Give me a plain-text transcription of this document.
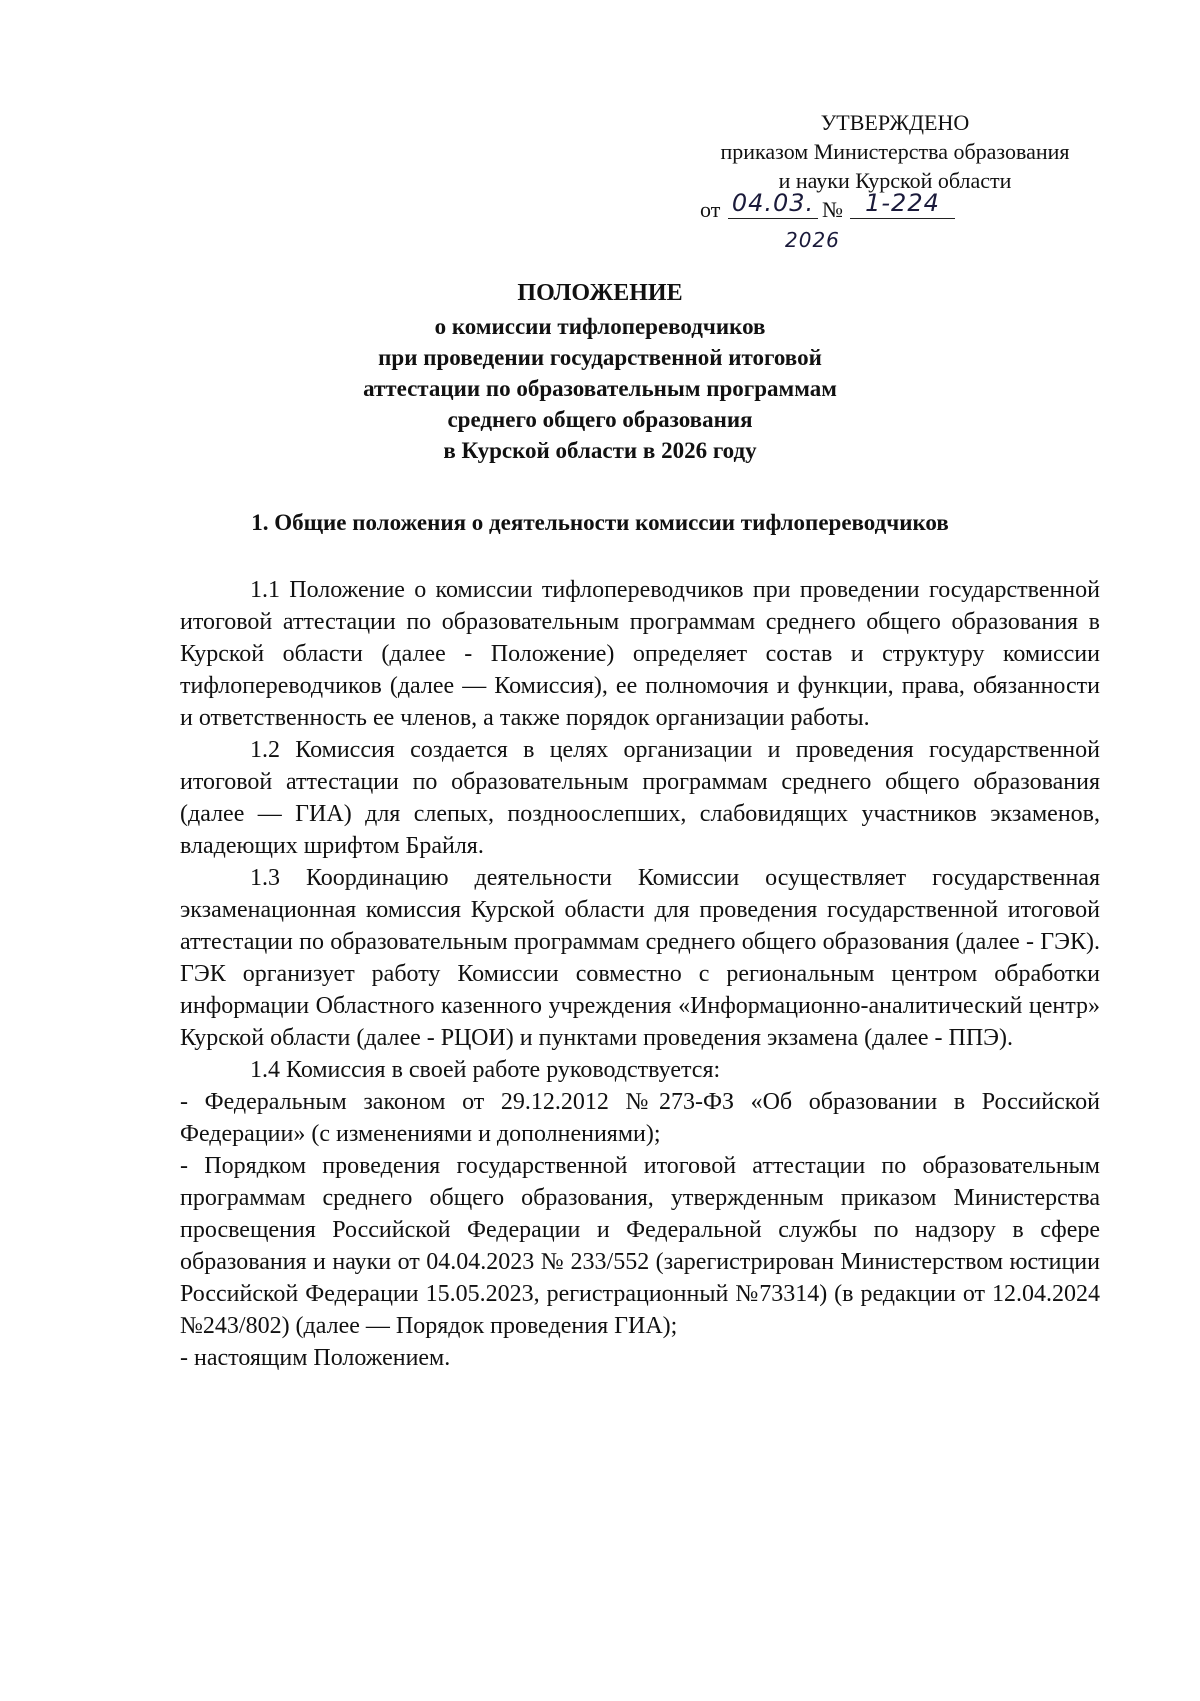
УТВЕРЖДЕНО
приказом Министерства образования
и науки Курской области
от 04.03. № 1-224
2026
ПОЛОЖЕНИЕ
о комиссии тифлопереводчиков
при проведении государственной итоговой
аттестации по образовательным программам
среднего общего образования
в Курской области в 2026 году
1. Общие положения о деятельности комиссии тифлопереводчиков

1.1 Положение о комиссии тифлопереводчиков при проведении государственной итоговой аттестации по образовательным программам среднего общего образования в Курской области (далее - Положение) определяет состав и структуру комиссии тифлопереводчиков (далее — Комиссия), ее полномочия и функции, права, обязанности и ответственность ее членов, а также порядок организации работы.

1.2 Комиссия создается в целях организации и проведения государственной итоговой аттестации по образовательным программам среднего общего образования (далее — ГИА) для слепых, поздноослепших, слабовидящих участников экзаменов, владеющих шрифтом Брайля.

1.3 Координацию деятельности Комиссии осуществляет государственная экзаменационная комиссия Курской области для проведения государственной итоговой аттестации по образовательным программам среднего общего образования (далее - ГЭК). ГЭК организует работу Комиссии совместно с региональным центром обработки информации Областного казенного учреждения «Информационно-аналитический центр» Курской области (далее - РЦОИ) и пунктами проведения экзамена (далее - ППЭ).

1.4 Комиссия в своей работе руководствуется:

- Федеральным законом от 29.12.2012 №273-ФЗ «Об образовании в Российской Федерации» (с изменениями и дополнениями);

- Порядком проведения государственной итоговой аттестации по образовательным программам среднего общего образования, утвержденным приказом Министерства просвещения Российской Федерации и Федеральной службы по надзору в сфере образования и науки от 04.04.2023 № 233/552 (зарегистрирован Министерством юстиции Российской Федерации 15.05.2023, регистрационный №73314) (в редакции от 12.04.2024 №243/802) (далее — Порядок проведения ГИА);

- настоящим Положением.
